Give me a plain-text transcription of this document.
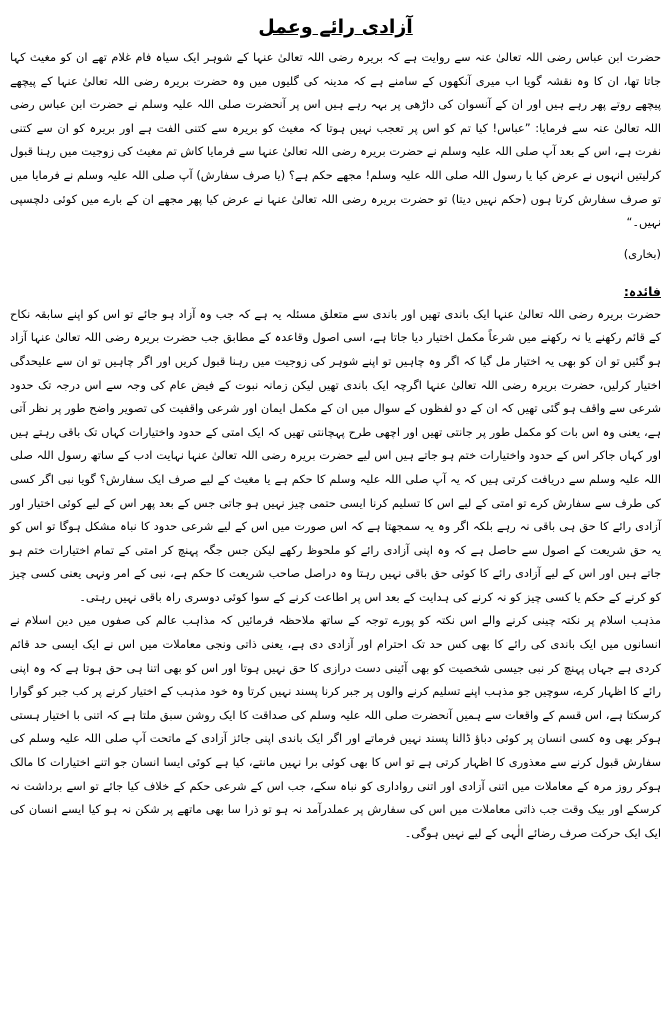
آزادی رائے وعمل

حضرت ابن عباس رضی اللہ تعالیٰ عنہ سے روایت ہے کہ بریرہ رضی اللہ تعالیٰ عنہا کے شوہر ایک سیاہ فام غلام تھے ان کو مغیث کہا جاتا تھا، ان کا وہ نقشہ گویا اب میری آنکھوں کے سامنے ہے کہ مدینہ کی گلیوں میں وہ حضرت بریرہ رضی اللہ تعالیٰ عنہا کے پیچھے پیچھے روتے پھر رہے ہیں اور ان کے آنسوان کی داڑھی پر بہہ رہے ہیں اس پر آنحضرت صلی اللہ علیہ وسلم نے حضرت ابن عباس رضی اللہ تعالیٰ عنہ سے فرمایا: ”عباس! کیا تم کو اس پر تعجب نہیں ہوتا کہ مغیث کو بریرہ سے کتنی الفت ہے اور بریرہ کو ان سے کتنی نفرت ہے، اس کے بعد آپ صلی اللہ علیہ وسلم نے حضرت بریرہ رضی اللہ تعالیٰ عنہا سے فرمایا کاش تم مغیث کی زوجیت میں رہنا قبول کرلیتیں انہوں نے عرض کیا یا رسول اللہ صلی اللہ علیہ وسلم! مجھے حکم ہے؟ (یا صرف سفارش) آپ صلی اللہ علیہ وسلم نے فرمایا میں تو صرف سفارش کرتا ہوں (حکم نہیں دیتا) تو حضرت بریرہ رضی اللہ تعالیٰ عنہا نے عرض کیا پھر مجھے ان کے بارے میں کوئی دلچسپی نہیں۔“

(بخاری)

فائدہ:

حضرت بریرہ رضی اللہ تعالیٰ عنہا ایک باندی تھیں اور باندی سے متعلق مسئلہ یہ ہے کہ جب وہ آزاد ہو جائے تو اس کو اپنے سابقہ نکاح کے قائم رکھنے یا نہ رکھنے میں شرعاً مکمل اختیار دیا جاتا ہے، اسی اصول وقاعدہ کے مطابق جب حضرت بریرہ رضی اللہ تعالیٰ عنہا آزاد ہو گئیں تو ان کو بھی یہ اختیار مل گیا کہ اگر وہ چاہیں تو اپنے شوہر کی زوجیت میں رہنا قبول کریں اور اگر چاہیں تو ان سے علیحدگی اختیار کرلیں، حضرت بریرہ رضی اللہ تعالیٰ عنہا اگرچہ ایک باندی تھیں لیکن زمانہ نبوت کے فیض عام کی وجہ سے اس درجہ تک حدود شرعی سے واقف ہو گئی تھیں کہ ان کے دو لفظوں کے سوال میں ان کے مکمل ایمان اور شرعی واقفیت کی تصویر واضح طور پر نظر آتی ہے، یعنی وہ اس بات کو مکمل طور پر جانتی تھیں اور اچھی طرح پہچانتی تھیں کہ ایک امتی کے حدود واختیارات کہاں تک باقی رہتے ہیں اور کہاں جاکر اس کے حدود واختیارات ختم ہو جاتے ہیں اس لیے حضرت بریرہ رضی اللہ تعالیٰ عنہا نہایت ادب کے ساتھ رسول اللہ صلی اللہ علیہ وسلم سے دریافت کرتی ہیں کہ یہ آپ صلی اللہ علیہ وسلم کا حکم ہے یا مغیث کے لیے صرف ایک سفارش؟ گویا نبی اگر کسی کی طرف سے سفارش کرے تو امتی کے لیے اس کا تسلیم کرنا ایسی حتمی چیز نہیں ہو جاتی جس کے بعد پھر اس کے لیے کوئی اختیار اور آزادی رائے کا حق ہی باقی نہ رہے بلکہ اگر وہ یہ سمجھتا ہے کہ اس صورت میں اس کے لیے شرعی حدود کا نباہ مشکل ہوگا تو اس کو یہ حق شریعت کے اصول سے حاصل ہے کہ وہ اپنی آزادی رائے کو ملحوظ رکھے لیکن جس جگہ پہنچ کر امتی کے تمام اختیارات ختم ہو جاتے ہیں اور اس کے لیے آزادی رائے کا کوئی حق باقی نہیں رہتا وہ دراصل صاحب شریعت کا حکم ہے، نبی کے امر ونہی یعنی کسی چیز کو کرنے کے حکم یا کسی چیز کو نہ کرنے کی ہدایت کے بعد اس پر اطاعت کرنے کے سوا کوئی دوسری راہ باقی نہیں رہتی۔

مذہب اسلام پر نکتہ چینی کرنے والے اس نکتہ کو پورے توجہ کے ساتھ ملاحظہ فرمائیں کہ مذاہب عالم کی صفوں میں دین اسلام نے انسانوں میں ایک باندی کی رائے کا بھی کس حد تک احترام اور آزادی دی ہے، یعنی ذاتی ونجی معاملات میں اس نے ایک ایسی حد قائم کردی ہے جہاں پہنچ کر نبی جیسی شخصیت کو بھی آئینی دست درازی کا حق نہیں ہوتا اور اس کو بھی اتنا ہی حق ہوتا ہے کہ وہ اپنی رائے کا اظہار کرے، سوچیں جو مذہب اپنے تسلیم کرنے والوں پر جبر کرنا پسند نہیں کرتا وہ خود مذہب کے اختیار کرنے پر کب جبر کو گوارا کرسکتا ہے، اس قسم کے واقعات سے ہمیں آنحضرت صلی اللہ علیہ وسلم کی صداقت کا ایک روشن سبق ملتا ہے کہ اتنی با اختیار ہستی ہوکر بھی وہ کسی انسان پر کوئی دباؤ ڈالنا پسند نہیں فرماتے اور اگر ایک باندی اپنی جائز آزادی کے ماتحت آپ صلی اللہ علیہ وسلم کی سفارش قبول کرنے سے معذوری کا اظہار کرتی ہے تو اس کا بھی کوئی برا نہیں مانتے، کیا ہے کوئی ایسا انسان جو اتنے اختیارات کا مالک ہوکر روز مرہ کے معاملات میں اتنی آزادی اور اتنی رواداری کو نباہ سکے، جب اس کے شرعی حکم کے خلاف کیا جائے تو اسے برداشت نہ کرسکے اور بیک وقت جب ذاتی معاملات میں اس کی سفارش پر عملدرآمد نہ ہو تو ذرا سا بھی ماتھے پر شکن نہ ہو کیا ایسے انسان کی ایک ایک حرکت صرف رضائے الٰہی کے لیے نہیں ہوگی۔
